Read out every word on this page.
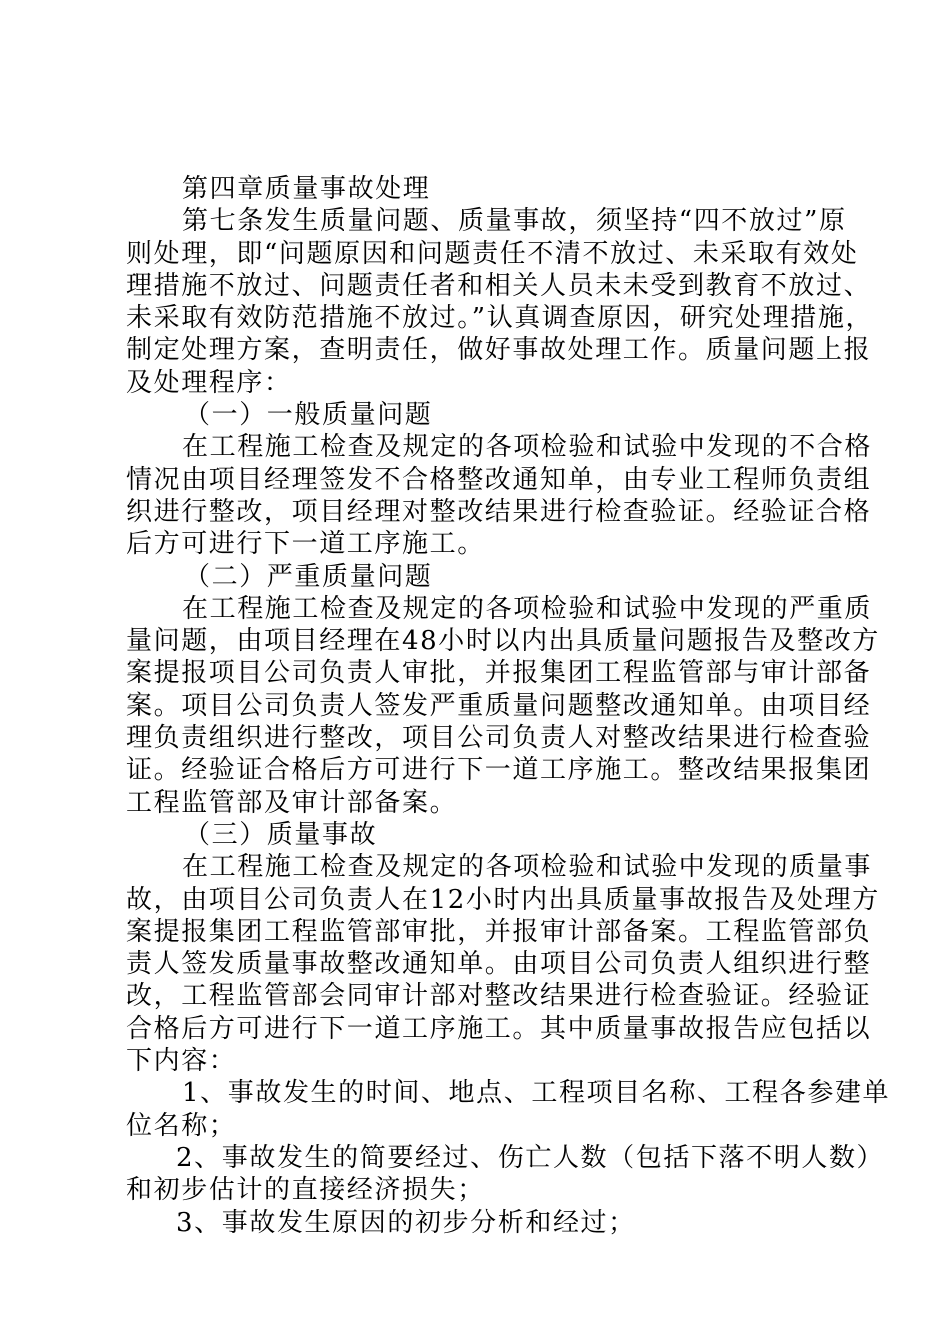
第四章质量事故处理
第七条发生质量问题、质量事故，须坚持“四不放过”原
则处理，即“问题原因和问题责任不清不放过、未采取有效处
理措施不放过、问题责任者和相关人员未未受到教育不放过、
未采取有效防范措施不放过。”认真调查原因，研究处理措施，
制定处理方案，查明责任，做好事故处理工作。质量问题上报
及处理程序：
（一）一般质量问题
在工程施工检查及规定的各项检验和试验中发现的不合格
情况由项目经理签发不合格整改通知单，由专业工程师负责组
织进行整改，项目经理对整改结果进行检查验证。经验证合格
后方可进行下一道工序施工。
（二）严重质量问题
在工程施工检查及规定的各项检验和试验中发现的严重质
量问题，由项目经理在48小时以内出具质量问题报告及整改方
案提报项目公司负责人审批，并报集团工程监管部与审计部备
案。项目公司负责人签发严重质量问题整改通知单。由项目经
理负责组织进行整改，项目公司负责人对整改结果进行检查验
证。经验证合格后方可进行下一道工序施工。整改结果报集团
工程监管部及审计部备案。
（三）质量事故
在工程施工检查及规定的各项检验和试验中发现的质量事
故，由项目公司负责人在12小时内出具质量事故报告及处理方
案提报集团工程监管部审批，并报审计部备案。工程监管部负
责人签发质量事故整改通知单。由项目公司负责人组织进行整
改，工程监管部会同审计部对整改结果进行检查验证。经验证
合格后方可进行下一道工序施工。其中质量事故报告应包括以
下内容：
1、事故发生的时间、地点、工程项目名称、工程各参建单
位名称；
2、事故发生的简要经过、伤亡人数（包括下落不明人数）
和初步估计的直接经济损失；
3、事故发生原因的初步分析和经过；
